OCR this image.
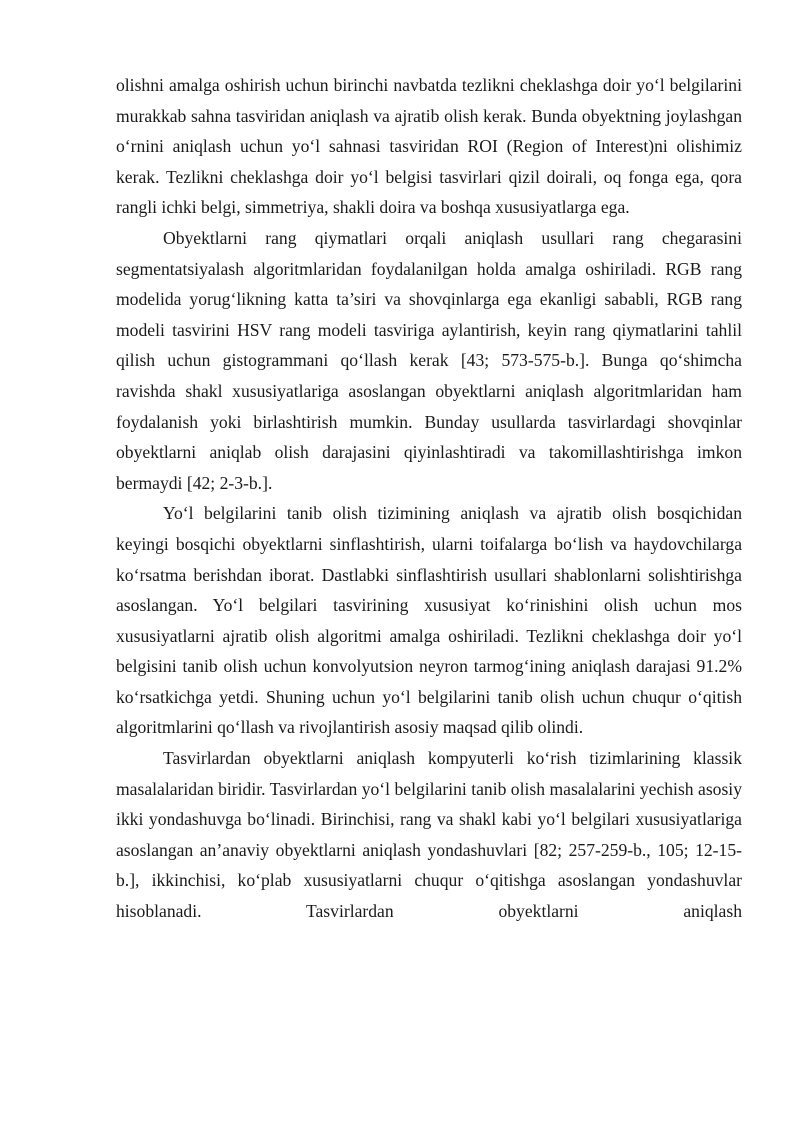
olishni amalga oshirish uchun birinchi navbatda tezlikni cheklashga doir yo‘l belgilarini murakkab sahna tasviridan aniqlash va ajratib olish kerak. Bunda obyektning joylashgan o‘rnini aniqlash uchun yo‘l sahnasi tasviridan ROI (Region of Interest)ni olishimiz kerak. Tezlikni cheklashga doir yo‘l belgisi tasvirlari qizil doirali, oq fonga ega, qora rangli ichki belgi, simmetriya, shakli doira va boshqa xususiyatlarga ega.

Obyektlarni rang qiymatlari orqali aniqlash usullari rang chegarasini segmentatsiyalash algoritmlaridan foydalanilgan holda amalga oshiriladi. RGB rang modelida yorug‘likning katta ta’siri va shovqinlarga ega ekanligi sababli, RGB rang modeli tasvirini HSV rang modeli tasviriga aylantirish, keyin rang qiymatlarini tahlil qilish uchun gistogrammani qo‘llash kerak [43; 573-575-b.]. Bunga qo‘shimcha ravishda shakl xususiyatlariga asoslangan obyektlarni aniqlash algoritmlaridan ham foydalanish yoki birlashtirish mumkin. Bunday usullarda tasvirlardagi shovqinlar obyektlarni aniqlab olish darajasini qiyinlashtiradi va takomillashtirishga imkon bermaydi [42; 2-3-b.].

Yo‘l belgilarini tanib olish tizimining aniqlash va ajratib olish bosqichidan keyingi bosqichi obyektlarni sinflashtirish, ularni toifalarga bo‘lish va haydovchilarga ko‘rsatma berishdan iborat. Dastlabki sinflashtirish usullari shablonlarni solishtirishga asoslangan. Yo‘l belgilari tasvirining xususiyat ko‘rinishini olish uchun mos xususiyatlarni ajratib olish algoritmi amalga oshiriladi. Tezlikni cheklashga doir yo‘l belgisini tanib olish uchun konvolyutsion neyron tarmog‘ining aniqlash darajasi 91.2% ko‘rsatkichga yetdi. Shuning uchun yo‘l belgilarini tanib olish uchun chuqur o‘qitish algoritmlarini qo‘llash va rivojlantirish asosiy maqsad qilib olindi.

Tasvirlardan obyektlarni aniqlash kompyuterli ko‘rish tizimlarining klassik masalalaridan biridir. Tasvirlardan yo‘l belgilarini tanib olish masalalarini yechish asosiy ikki yondashuvga bo‘linadi. Birinchisi, rang va shakl kabi yo‘l belgilari xususiyatlariga asoslangan an’anaviy obyektlarni aniqlash yondashuvlari [82; 257-259-b., 105; 12-15-b.], ikkinchisi, ko‘plab xususiyatlarni chuqur o‘qitishga asoslangan yondashuvlar hisoblanadi. Tasvirlardan obyektlarni aniqlash
